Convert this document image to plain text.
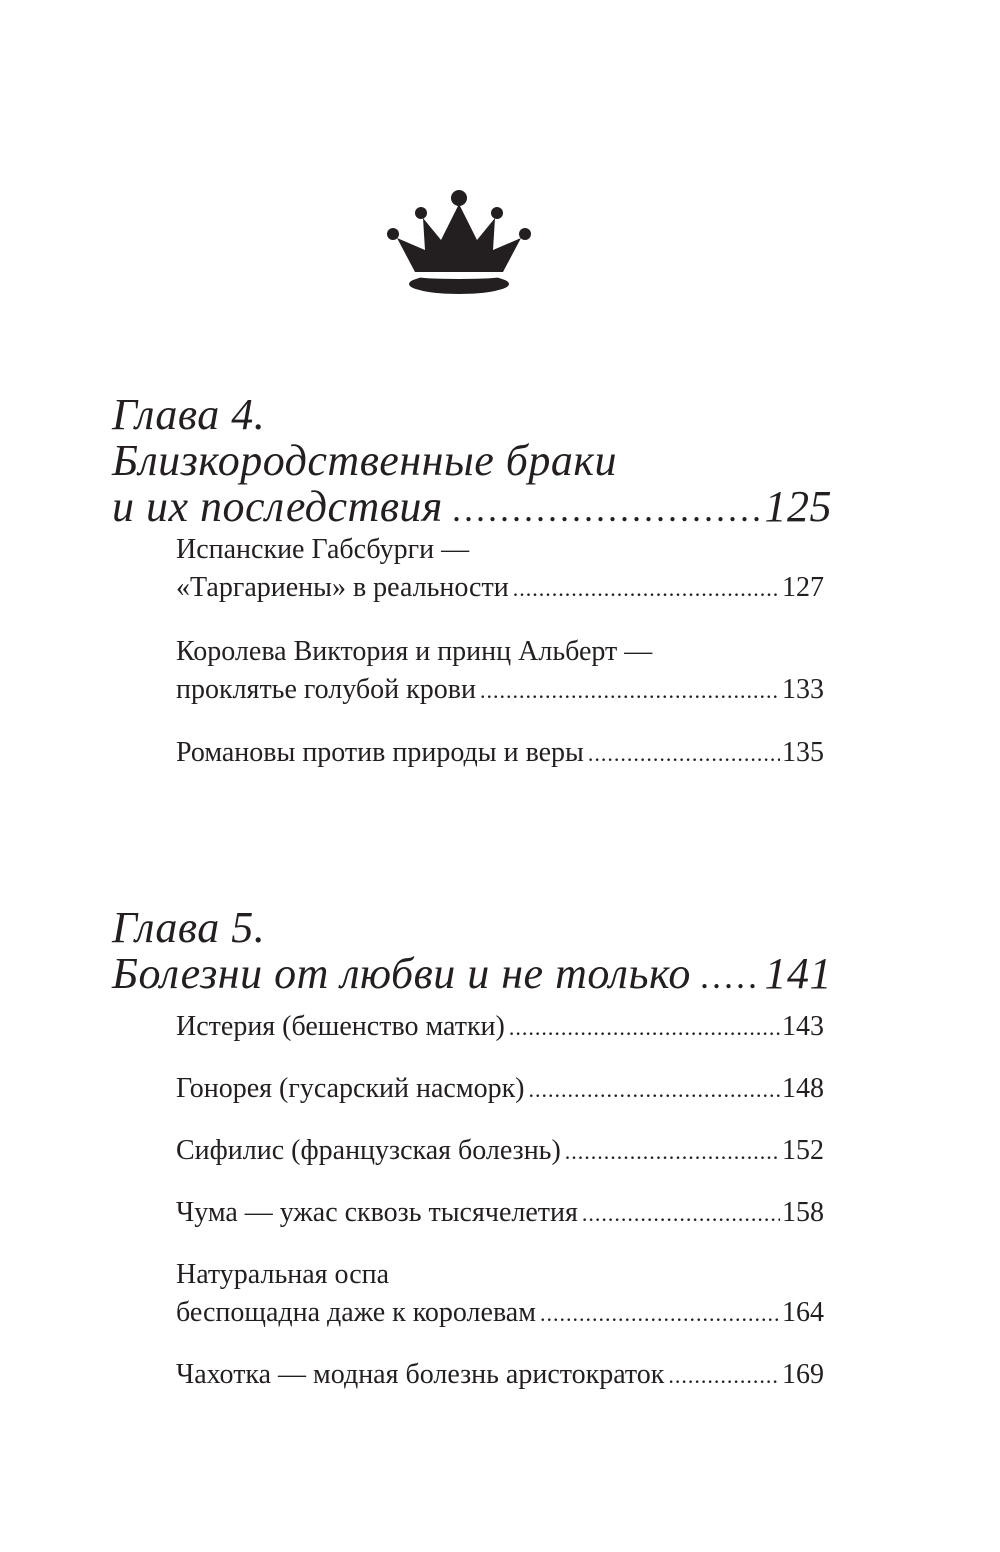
Глава 4.
Близкородственные браки
и их последствия .....	125
Испанские Габсбурги —
«Таргариены» в реальности .....	127
Королева Виктория и принц Альберт —
проклятье голубой крови .....	133
Романовы против природы и веры .....	135
Глава 5.
Болезни от любви и не только ..... 141
Истерия (бешенство матки) .....	143
Гонорея (гусарский насморк) .....	148
Сифилис (французская болезнь) .....	152
Чума — ужас сквозь тысячелетия .....	158
Натуральная оспа
беспощадна даже к королевам .....	164
Чахотка — модная болезнь аристократок .....	169
